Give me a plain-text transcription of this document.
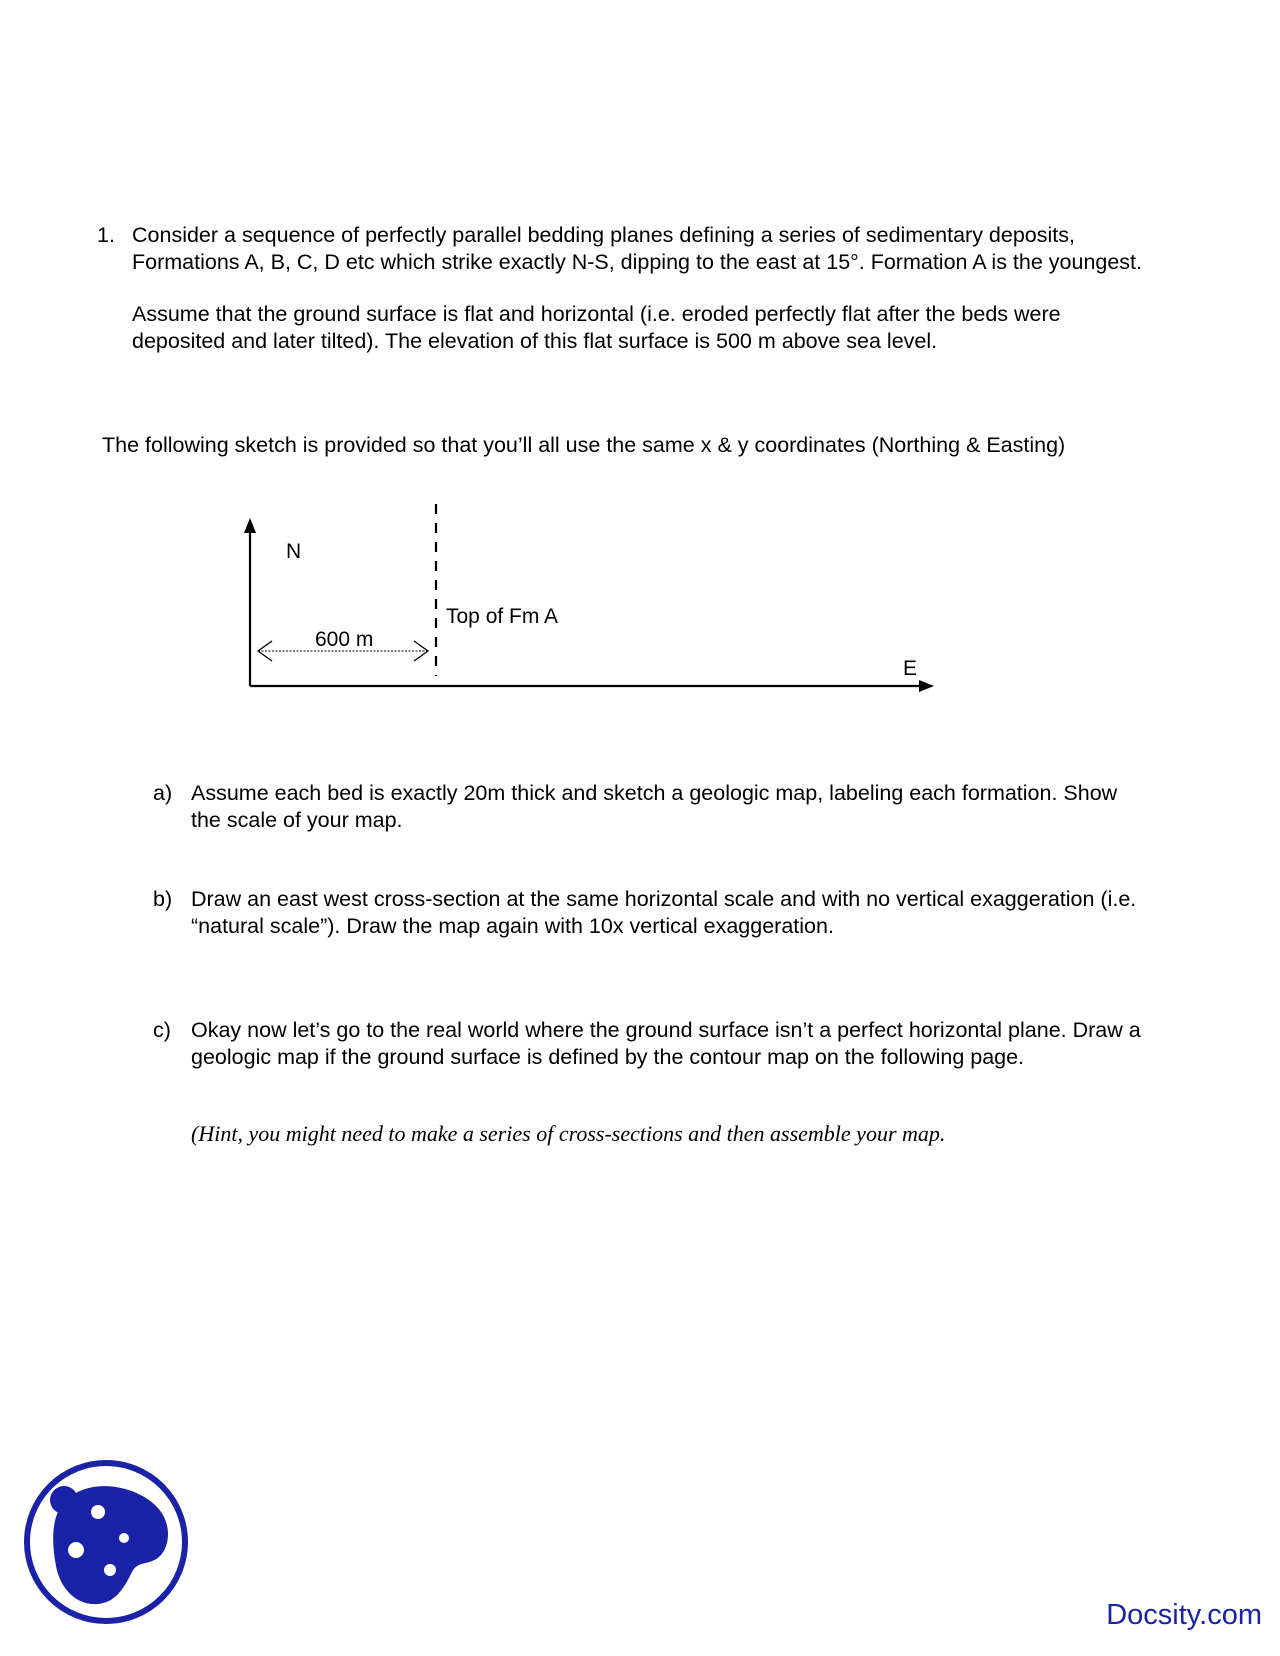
1. Consider a sequence of perfectly parallel bedding planes defining a series of sedimentary deposits, Formations A, B, C, D etc which strike exactly N-S, dipping to the east at 15°. Formation A is the youngest.

Assume that the ground surface is flat and horizontal (i.e. eroded perfectly flat after the beds were deposited and later tilted). The elevation of this flat surface is 500 m above sea level.

The following sketch is provided so that you’ll all use the same x & y coordinates (Northing & Easting)
N
E
600 m
Top of Fm A
a) Assume each bed is exactly 20m thick and sketch a geologic map, labeling each formation. Show the scale of your map.
b) Draw an east west cross-section at the same horizontal scale and with no vertical exaggeration (i.e. “natural scale”). Draw the map again with 10x vertical exaggeration.
c) Okay now let’s go to the real world where the ground surface isn’t a perfect horizontal plane. Draw a geologic map if the ground surface is defined by the contour map on the following page.
(Hint, you might need to make a series of cross-sections and then assemble your map.
Docsity.com
